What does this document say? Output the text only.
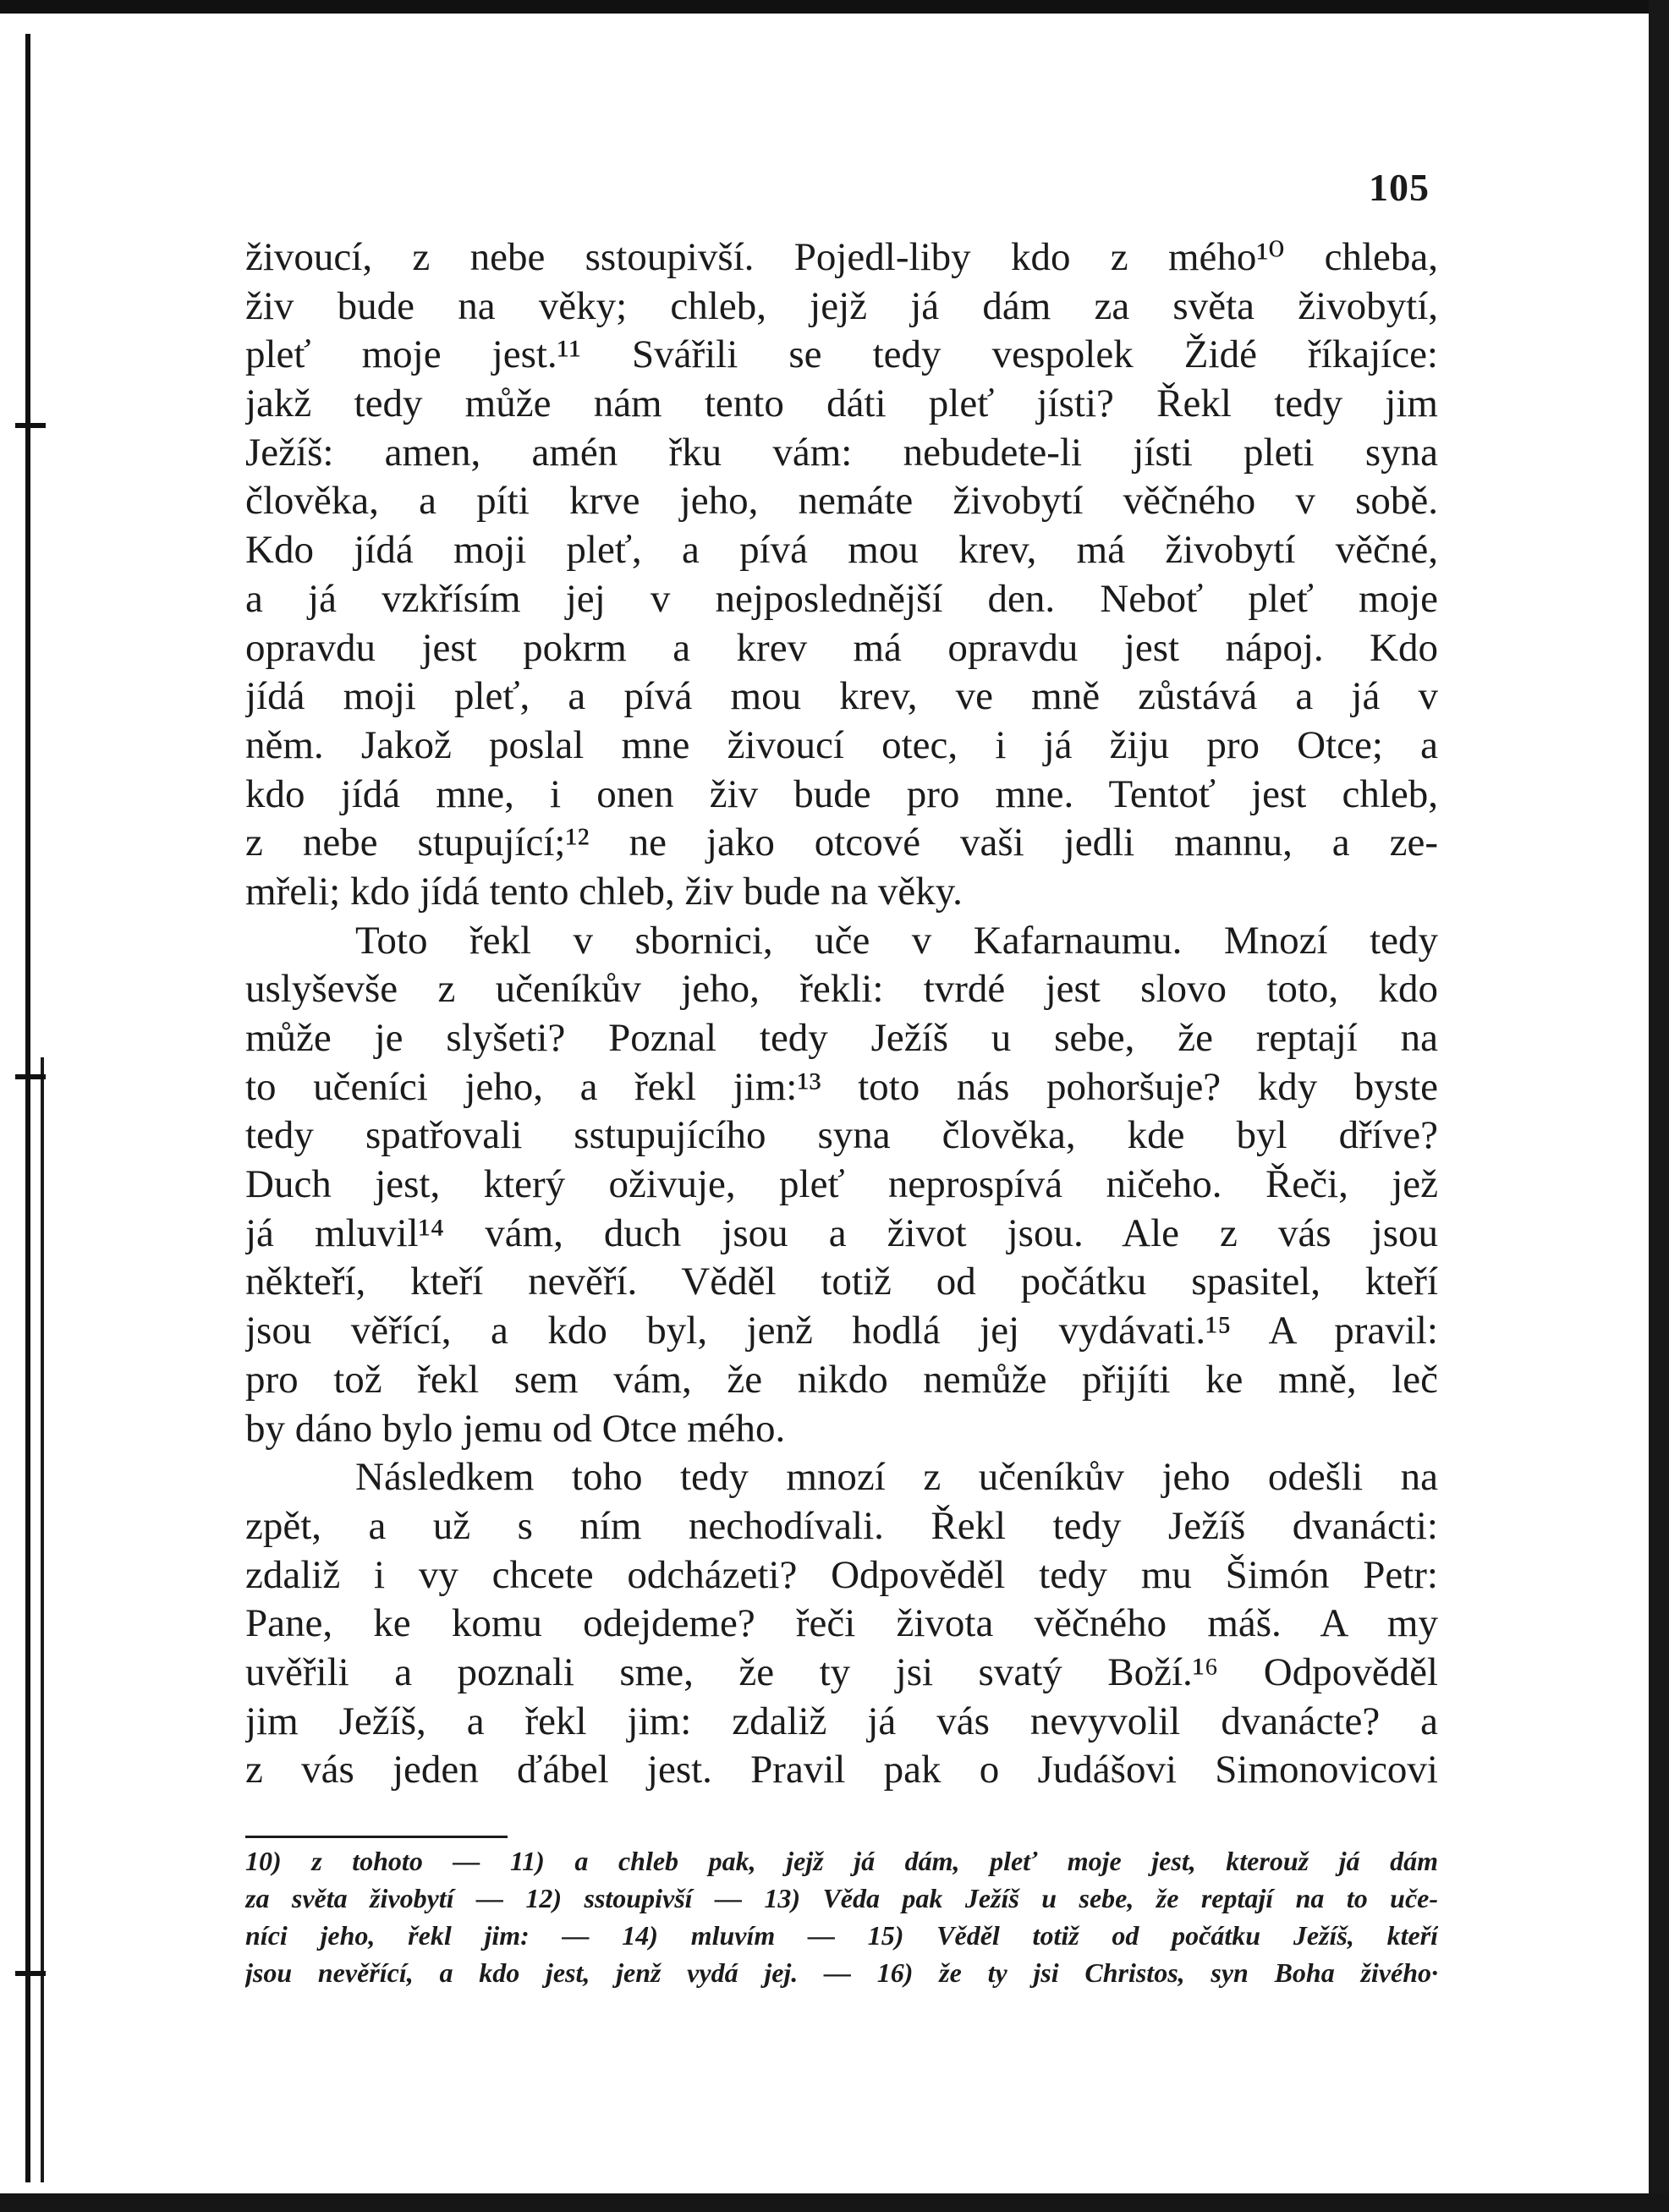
105
živoucí, z nebe sstoupivší. Pojedl-liby kdo z mého¹⁰ chleba,
živ bude na věky; chleb, jejž já dám za světa živobytí,
pleť moje jest.¹¹ Svářili se tedy vespolek Židé říkajíce:
jakž tedy může nám tento dáti pleť jísti? Řekl tedy jim
Ježíš: amen, amén řku vám: nebudete-li jísti pleti syna
člověka, a píti krve jeho, nemáte živobytí věčného v sobě.
Kdo jídá moji pleť, a pívá mou krev, má živobytí věčné,
a já vzkřísím jej v nejposlednější den. Neboť pleť moje
opravdu jest pokrm a krev má opravdu jest nápoj. Kdo
jídá moji pleť, a pívá mou krev, ve mně zůstává a já v
něm. Jakož poslal mne živoucí otec, i já žiju pro Otce; a
kdo jídá mne, i onen živ bude pro mne. Tentoť jest chleb,
z nebe stupující;¹² ne jako otcové vaši jedli mannu, a ze-
mřeli; kdo jídá tento chleb, živ bude na věky.
Toto řekl v sbornici, uče v Kafarnaumu. Mnozí tedy
uslyševše z učeníkův jeho, řekli: tvrdé jest slovo toto, kdo
může je slyšeti? Poznal tedy Ježíš u sebe, že reptají na
to učeníci jeho, a řekl jim:¹³ toto nás pohoršuje? kdy byste
tedy spatřovali sstupujícího syna člověka, kde byl dříve?
Duch jest, který oživuje, pleť neprospívá ničeho. Řeči, jež
já mluvil¹⁴ vám, duch jsou a život jsou. Ale z vás jsou
někteří, kteří nevěří. Věděl totiž od počátku spasitel, kteří
jsou věřící, a kdo byl, jenž hodlá jej vydávati.¹⁵ A pravil:
pro tož řekl sem vám, že nikdo nemůže přijíti ke mně, leč
by dáno bylo jemu od Otce mého.
Následkem toho tedy mnozí z učeníkův jeho odešli na
zpět, a už s ním nechodívali. Řekl tedy Ježíš dvanácti:
zdaliž i vy chcete odcházeti? Odpověděl tedy mu Šimón Petr:
Pane, ke komu odejdeme? řeči života věčného máš. A my
uvěřili a poznali sme, že ty jsi svatý Boží.¹⁶ Odpověděl
jim Ježíš, a řekl jim: zdaliž já vás nevyvolil dvanácte? a
z vás jeden ďábel jest. Pravil pak o Judášovi Simonovicovi
10) z tohoto — 11) a chleb pak, jejž já dám, pleť moje jest, kterouž já dám
za světa živobytí — 12) sstoupivší — 13) Věda pak Ježíš u sebe, že reptají na to uče-
níci jeho, řekl jim: — 14) mluvím — 15) Věděl totiž od počátku Ježíš, kteří
jsou nevěřící, a kdo jest, jenž vydá jej. — 16) že ty jsi Christos, syn Boha živého·
